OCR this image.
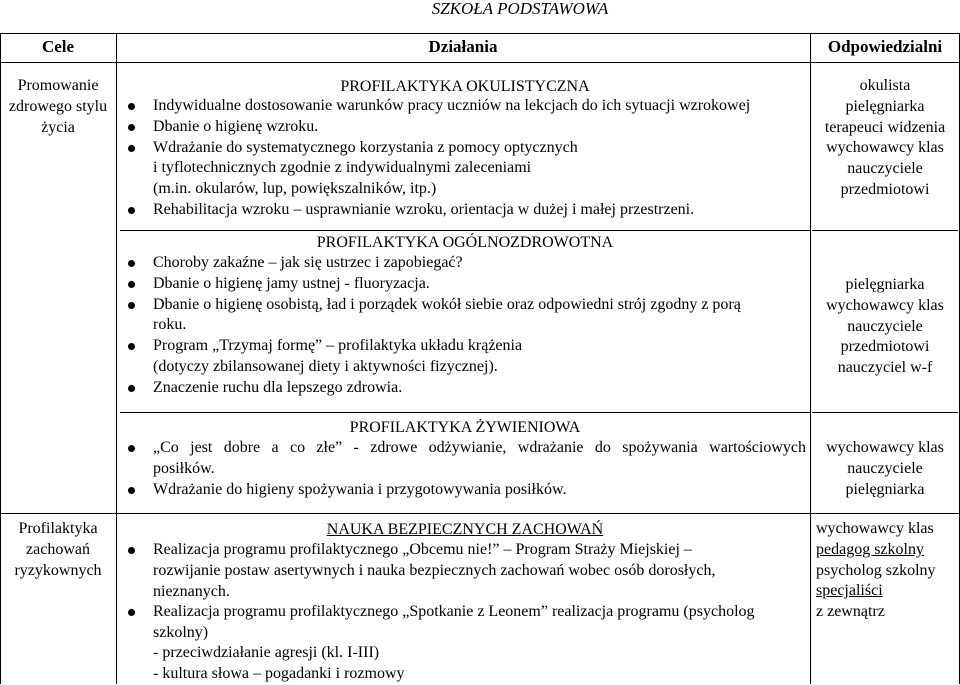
SZKOŁA PODSTAWOWA
Cele	Działania	Odpowiedzialni
Promowanie
zdrowego stylu
życia
Profilaktyka
zachowań
ryzykownych
PROFILAKTYKA OKULISTYCZNA
Indywidualne dostosowanie warunków pracy uczniów na lekcjach do ich sytuacji wzrokowej
Dbanie o higienę wzroku.
Wdrażanie do systematycznego korzystania z pomocy optycznych
i tyflotechnicznych zgodnie z indywidualnymi zaleceniami
(m.in. okularów, lup, powiększalników, itp.)
Rehabilitacja wzroku – usprawnianie wzroku, orientacja w dużej i małej przestrzeni.
okulista
pielęgniarka
terapeuci widzenia
wychowawcy klas
nauczyciele
przedmiotowi
PROFILAKTYKA OGÓLNOZDROWOTNA
Choroby zakaźne – jak się ustrzec i zapobiegać?
Dbanie o higienę jamy ustnej - fluoryzacja.
Dbanie o higienę osobistą, ład i porządek wokół siebie oraz odpowiedni strój zgodny z porą
roku.
Program „Trzymaj formę” – profilaktyka układu krążenia
(dotyczy zbilansowanej diety i aktywności fizycznej).
Znaczenie ruchu dla lepszego zdrowia.
pielęgniarka
wychowawcy klas
nauczyciele
przedmiotowi
nauczyciel w-f
PROFILAKTYKA ŻYWIENIOWA
„Co jest dobre a co złe” - zdrowe odżywianie, wdrażanie do spożywania wartościowych
posiłków.
Wdrażanie do higieny spożywania i przygotowywania posiłków.
wychowawcy klas
nauczyciele
pielęgniarka
NAUKA BEZPIECZNYCH ZACHOWAŃ
Realizacja programu profilaktycznego „Obcemu nie!” – Program Straży Miejskiej –
rozwijanie postaw asertywnych i nauka bezpiecznych zachowań wobec osób dorosłych,
nieznanych.
Realizacja programu profilaktycznego „Spotkanie z Leonem” realizacja programu (psycholog
szkolny)
- przeciwdziałanie agresji (kl. I-III)
- kultura słowa – pogadanki i rozmowy
wychowawcy klas
pedagog szkolny
psycholog szkolny
specjaliści
z zewnątrz
